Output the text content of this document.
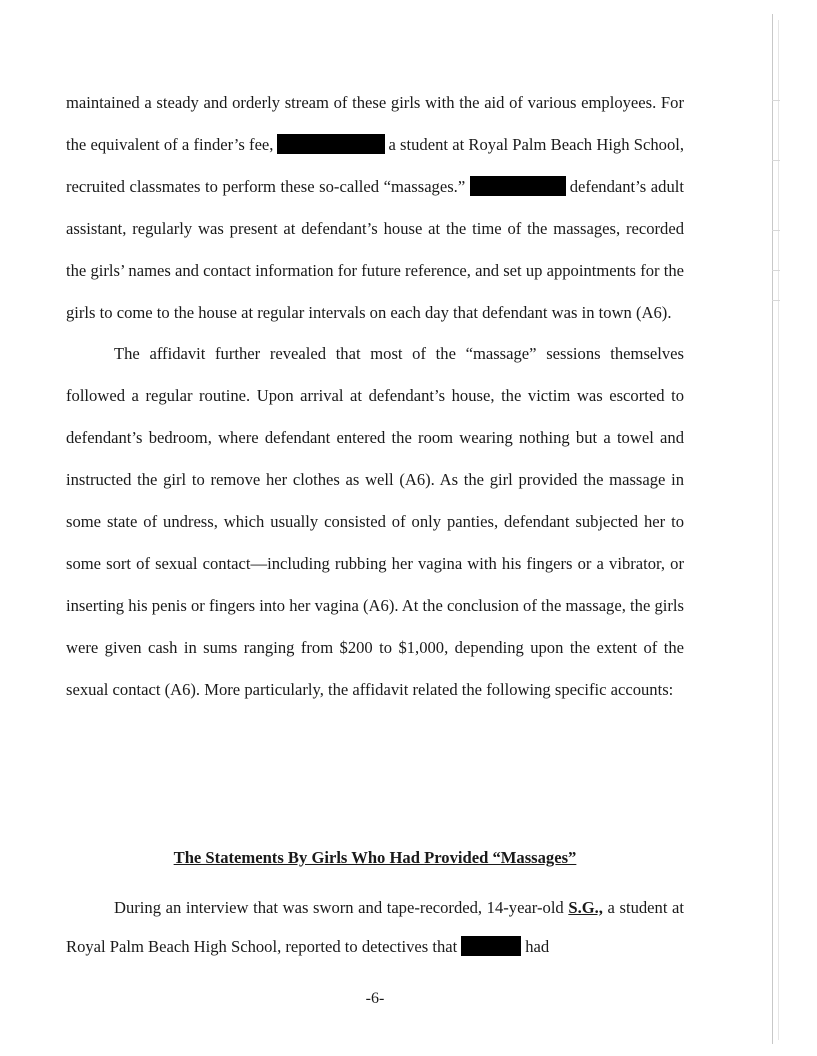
maintained a steady and orderly stream of these girls with the aid of various employees. For the equivalent of a finder’s fee,	a student at Royal Palm Beach High School, recruited classmates to perform these so-called “massages.”	defendant’s adult assistant, regularly was present at defendant’s house at the time of the massages, recorded the girls’ names and contact information for future reference, and set up appointments for the girls to come to the house at regular intervals on each day that defendant was in town (A6).

The affidavit further revealed that most of the “massage” sessions themselves followed a regular routine. Upon arrival at defendant’s house, the victim was escorted to defendant’s bedroom, where defendant entered the room wearing nothing but a towel and instructed the girl to remove her clothes as well (A6). As the girl provided the massage in some state of undress, which usually consisted of only panties, defendant subjected her to some sort of sexual contact—including rubbing her vagina with his fingers or a vibrator, or inserting his penis or fingers into her vagina (A6). At the conclusion of the massage, the girls were given cash in sums ranging from $200 to $1,000, depending upon the extent of the sexual contact (A6). More particularly, the affidavit related the following specific accounts:

The Statements By Girls Who Had Provided “Massages”

During an interview that was sworn and tape-recorded, 14-year-old S.G., a student at Royal Palm Beach High School, reported to detectives that	had

-6-
